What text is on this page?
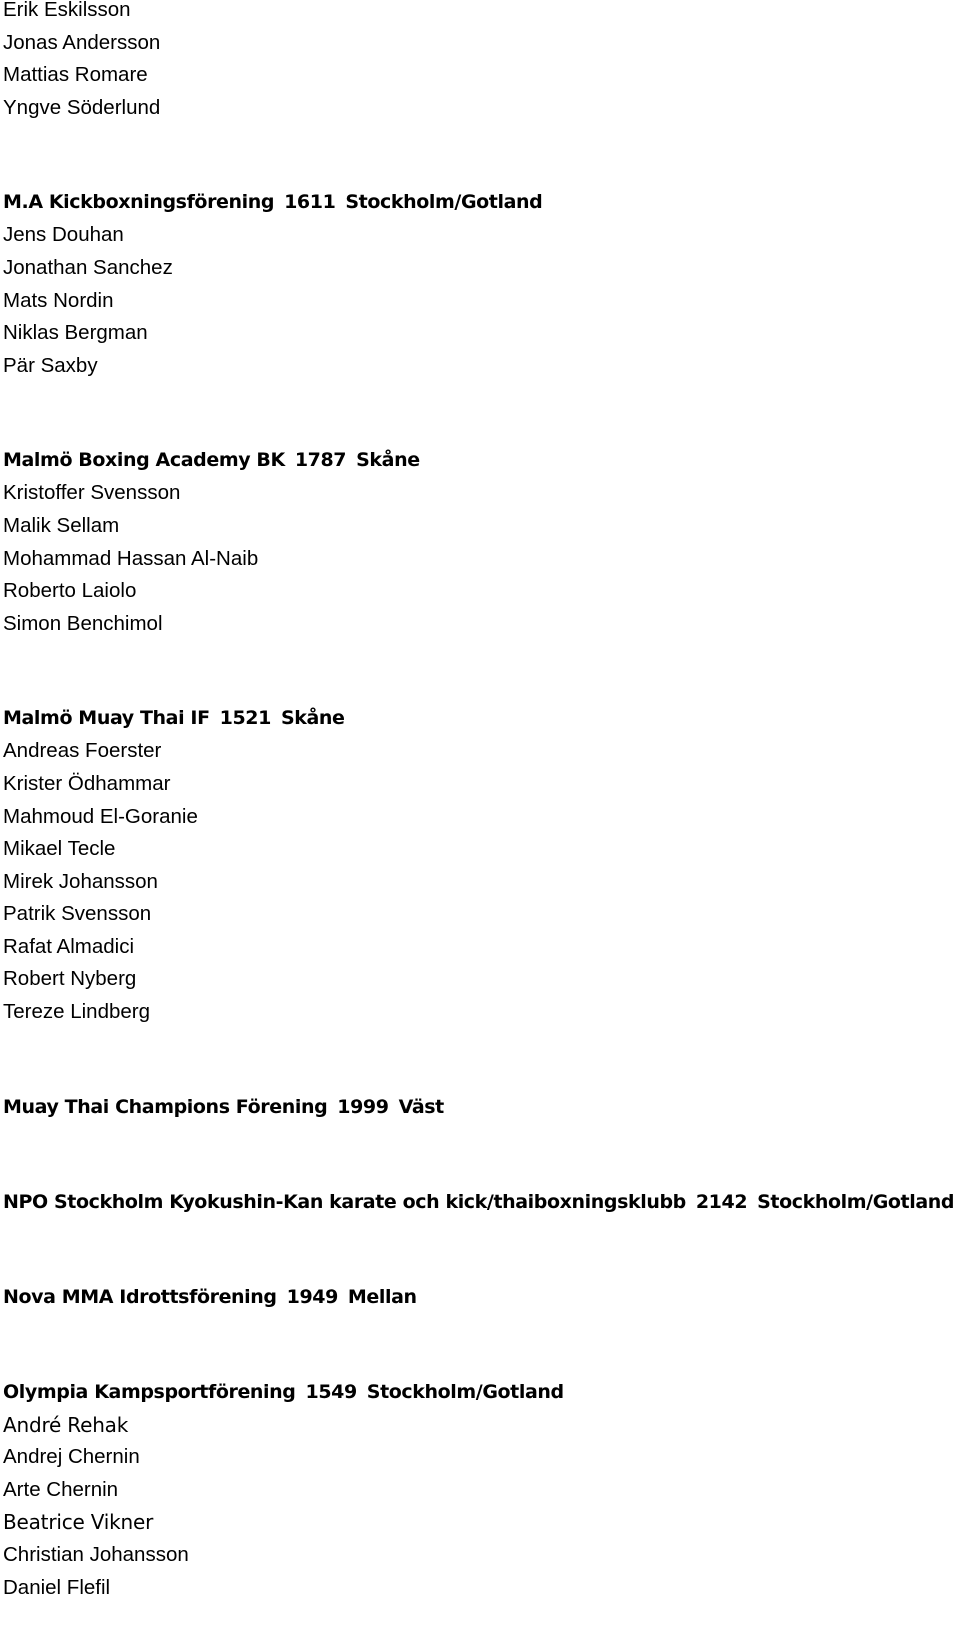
Erik Eskilsson
Jonas Andersson
Mattias Romare
Yngve Söderlund
M.A Kickboxningsförening 1611 Stockholm/Gotland
Jens Douhan
Jonathan Sanchez
Mats Nordin
Niklas Bergman
Pär Saxby
Malmö Boxing Academy BK 1787 Skåne
Kristoffer Svensson
Malik Sellam
Mohammad Hassan Al-Naib
Roberto Laiolo
Simon Benchimol
Malmö Muay Thai IF 1521 Skåne
Andreas Foerster
Krister Ödhammar
Mahmoud El-Goranie
Mikael Tecle
Mirek Johansson
Patrik Svensson
Rafat Almadici
Robert Nyberg
Tereze Lindberg
Muay Thai Champions Förening 1999 Väst
NPO Stockholm Kyokushin-Kan karate och kick/thaiboxningsklubb 2142 Stockholm/Gotland
Nova MMA Idrottsförening 1949 Mellan
Olympia Kampsportförening 1549 Stockholm/Gotland
André Rehak
Andrej Chernin
Arte Chernin
Beatrice Vikner
Christian Johansson
Daniel Flefil
